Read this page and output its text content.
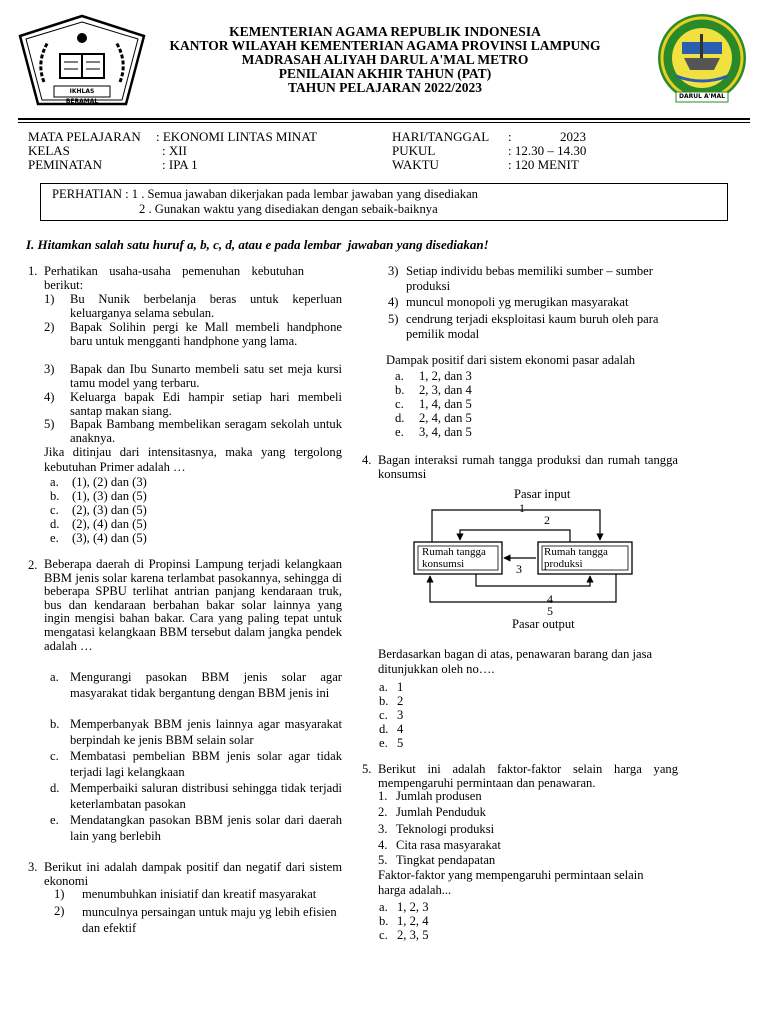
IKHLAS BERAMAL
KEMENTERIAN AGAMA REPUBLIK INDONESIA
KANTOR WILAYAH KEMENTERIAN AGAMA PROVINSI LAMPUNG
MADRASAH ALIYAH DARUL A'MAL METRO
PENILAIAN AKHIR TAHUN (PAT)
TAHUN PELAJARAN 2022/2023
DARUL A'MAL
MATA PELAJARAN : EKONOMI LINTAS MINAT	HARI/TANGGAL :	2023
KELAS	: XII	PUKUL	: 12.30 – 14.30
PEMINATAN	: IPA 1	WAKTU	: 120 MENIT
PERHATIAN : 1 . Semua jawaban dikerjakan pada lembar jawaban yang disediakan
2 . Gunakan waktu yang disediakan dengan sebaik-baiknya
I. Hitamkan salah satu huruf a, b, c, d, atau e pada lembar  jawaban yang disediakan!
1. Perhatikan usaha-usaha pemenuhan kebutuhan berikut:
1) Bu Nunik berbelanja beras untuk keperluan keluarganya selama sebulan.
2) Bapak Solihin pergi ke Mall membeli handphone baru untuk mengganti handphone yang lama.
3) Bapak dan Ibu Sunarto membeli satu set meja kursi tamu model yang terbaru.
4) Keluarga bapak Edi hampir setiap hari membeli santap makan siang.
5) Bapak Bambang membelikan seragam sekolah untuk anaknya.
Jika ditinjau dari intensitasnya, maka yang tergolong kebutuhan Primer adalah …
a. (1), (2) dan (3)
b. (1), (3) dan (5)
c. (2), (3) dan (5)
d. (2), (4) dan (5)
e. (3), (4) dan (5)
2. Beberapa daerah di Propinsi Lampung terjadi kelangkaan BBM jenis solar karena terlambat pasokannya, sehingga di beberapa SPBU terlihat antrian panjang kendaraan truk, bus dan kendaraan berbahan bakar solar lainnya yang ingin mengisi bahan bakar. Cara yang paling tepat untuk mengatasi kelangkaan BBM tersebut dalam jangka pendek adalah …
a. Mengurangi pasokan BBM jenis solar agar masyarakat tidak bergantung dengan BBM jenis ini
b. Memperbanyak BBM jenis lainnya agar masyarakat berpindah ke jenis BBM selain solar
c. Membatasi pembelian BBM jenis solar agar tidak terjadi lagi kelangkaan
d. Memperbaiki saluran distribusi sehingga tidak terjadi keterlambatan pasokan
e. Mendatangkan pasokan BBM jenis solar dari daerah lain yang berlebih
3. Berikut ini adalah dampak positif dan negatif dari sistem ekonomi
1) menumbuhkan inisiatif dan kreatif masyarakat
2) munculnya persaingan untuk maju yg lebih efisien dan efektif
3) Setiap individu bebas memiliki sumber – sumber produksi
4) muncul monopoli yg merugikan masyarakat
5) cendrung terjadi eksploitasi kaum buruh oleh para pemilik modal
Dampak positif dari sistem ekonomi pasar adalah
a. 1, 2, dan 3
b. 2, 3, dan 4
c. 1, 4, dan 5
d. 2, 4, dan 5
e. 3, 4, dan 5
4. Bagan interaksi rumah tangga produksi dan rumah tangga konsumsi
Pasar input
1
2
Rumah tangga konsumsi
Rumah tangga produksi
3
4
5
Pasar output
Berdasarkan bagan di atas, penawaran barang dan jasa ditunjukkan oleh no….
a. 1
b. 2
c. 3
d. 4
e. 5
5. Berikut ini adalah faktor-faktor selain harga yang mempengaruhi permintaan dan penawaran.
1. Jumlah produsen
2. Jumlah Penduduk
3. Teknologi produksi
4. Cita rasa masyarakat
5. Tingkat pendapatan
Faktor-faktor yang mempengaruhi permintaan selain harga adalah...
a. 1, 2, 3
b. 1, 2, 4
c. 2, 3, 5
